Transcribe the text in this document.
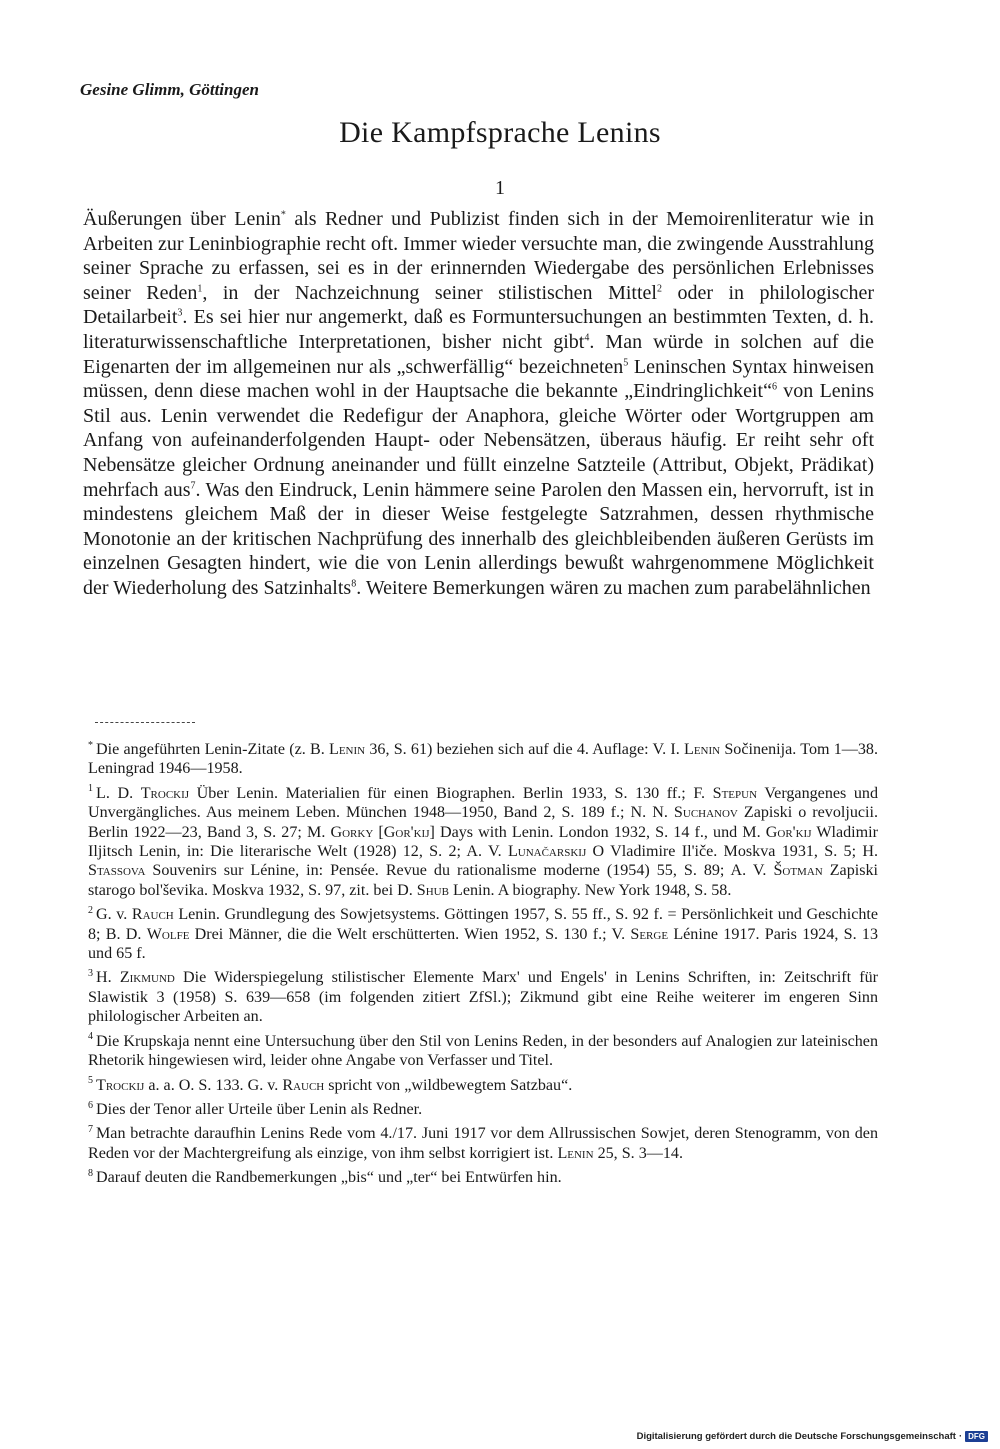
Gesine Glimm, Göttingen
Die Kampfsprache Lenins
1
Äußerungen über Lenin* als Redner und Publizist finden sich in der Memoirenliteratur wie in Arbeiten zur Leninbiographie recht oft. Immer wieder versuchte man, die zwingende Ausstrahlung seiner Sprache zu erfassen, sei es in der erinnernden Wiedergabe des persönlichen Erlebnisses seiner Reden$^1$, in der Nachzeichnung seiner stilistischen Mittel$^2$ oder in philologischer Detailarbeit$^3$. Es sei hier nur angemerkt, daß es Formuntersuchungen an bestimmten Texten, d. h. literaturwissenschaftliche Interpretationen, bisher nicht gibt$^4$. Man würde in solchen auf die Eigenarten der im allgemeinen nur als „schwerfällig“ bezeichneten$^5$ Leninschen Syntax hinweisen müssen, denn diese machen wohl in der Hauptsache die bekannte „Eindringlichkeit“$^6$ von Lenins Stil aus. Lenin verwendet die Redefigur der Anaphora, gleiche Wörter oder Wortgruppen am Anfang von aufeinanderfolgenden Haupt- oder Nebensätzen, überaus häufig. Er reiht sehr oft Nebensätze gleicher Ordnung aneinander und füllt einzelne Satzteile (Attribut, Objekt, Prädikat) mehrfach aus$^7$. Was den Eindruck, Lenin hämmere seine Parolen den Massen ein, hervorruft, ist in mindestens gleichem Maß der in dieser Weise festgelegte Satzrahmen, dessen rhythmische Monotonie an der kritischen Nachprüfung des innerhalb des gleichbleibenden äußeren Gerüsts im einzelnen Gesagten hindert, wie die von Lenin allerdings bewußt wahrgenommene Möglichkeit der Wiederholung des Satzinhalts$^8$. Weitere Bemerkungen wären zu machen zum parabelähnlichen
* Die angeführten Lenin-Zitate (z. B. Lenin 36, S. 61) beziehen sich auf die 4. Auflage: V. I. Lenin Sočinenija. Tom 1—38. Leningrad 1946—1958.
$^1$ L. D. Trockij Über Lenin. Materialien für einen Biographen. Berlin 1933, S. 130 ff.; F. Stepun Vergangenes und Unvergängliches. Aus meinem Leben. München 1948—1950, Band 2, S. 189 f.; N. N. Suchanov Zapiski o revoljucii. Berlin 1922—23, Band 3, S. 27; M. Gorky [Gor'kij] Days with Lenin. London 1932, S. 14 f., und M. Gor'kij Wladimir Iljitsch Lenin, in: Die literarische Welt (1928) 12, S. 2; A. V. Lunačarskij O Vladimire Il'iče. Moskva 1931, S. 5; H. Stassova Souvenirs sur Lénine, in: Pensée. Revue du rationalisme moderne (1954) 55, S. 89; A. V. Šotman Zapiski starogo bol'ševika. Moskva 1932, S. 97, zit. bei D. Shub Lenin. A biography. New York 1948, S. 58.
$^2$ G. v. Rauch Lenin. Grundlegung des Sowjetsystems. Göttingen 1957, S. 55 ff., S. 92 f. = Persönlichkeit und Geschichte 8; B. D. Wolfe Drei Männer, die die Welt erschütterten. Wien 1952, S. 130 f.; V. Serge Lénine 1917. Paris 1924, S. 13 und 65 f.
$^3$ H. Zikmund Die Widerspiegelung stilistischer Elemente Marx' und Engels' in Lenins Schriften, in: Zeitschrift für Slawistik 3 (1958) S. 639—658 (im folgenden zitiert ZfSl.); Zikmund gibt eine Reihe weiterer im engeren Sinn philologischer Arbeiten an.
$^4$ Die Krupskaja nennt eine Untersuchung über den Stil von Lenins Reden, in der besonders auf Analogien zur lateinischen Rhetorik hingewiesen wird, leider ohne Angabe von Verfasser und Titel.
$^5$ Trockij a. a. O. S. 133. G. v. Rauch spricht von „wildbewegtem Satzbau“.
$^6$ Dies der Tenor aller Urteile über Lenin als Redner.
$^7$ Man betrachte daraufhin Lenins Rede vom 4./17. Juni 1917 vor dem Allrussischen Sowjet, deren Stenogramm, von den Reden vor der Machtergreifung als einzige, von ihm selbst korrigiert ist. Lenin 25, S. 3—14.
$^8$ Darauf deuten die Randbemerkungen „bis“ und „ter“ bei Entwürfen hin.
Digitalisierung gefördert durch die Deutsche Forschungsgemeinschaft · DFG
